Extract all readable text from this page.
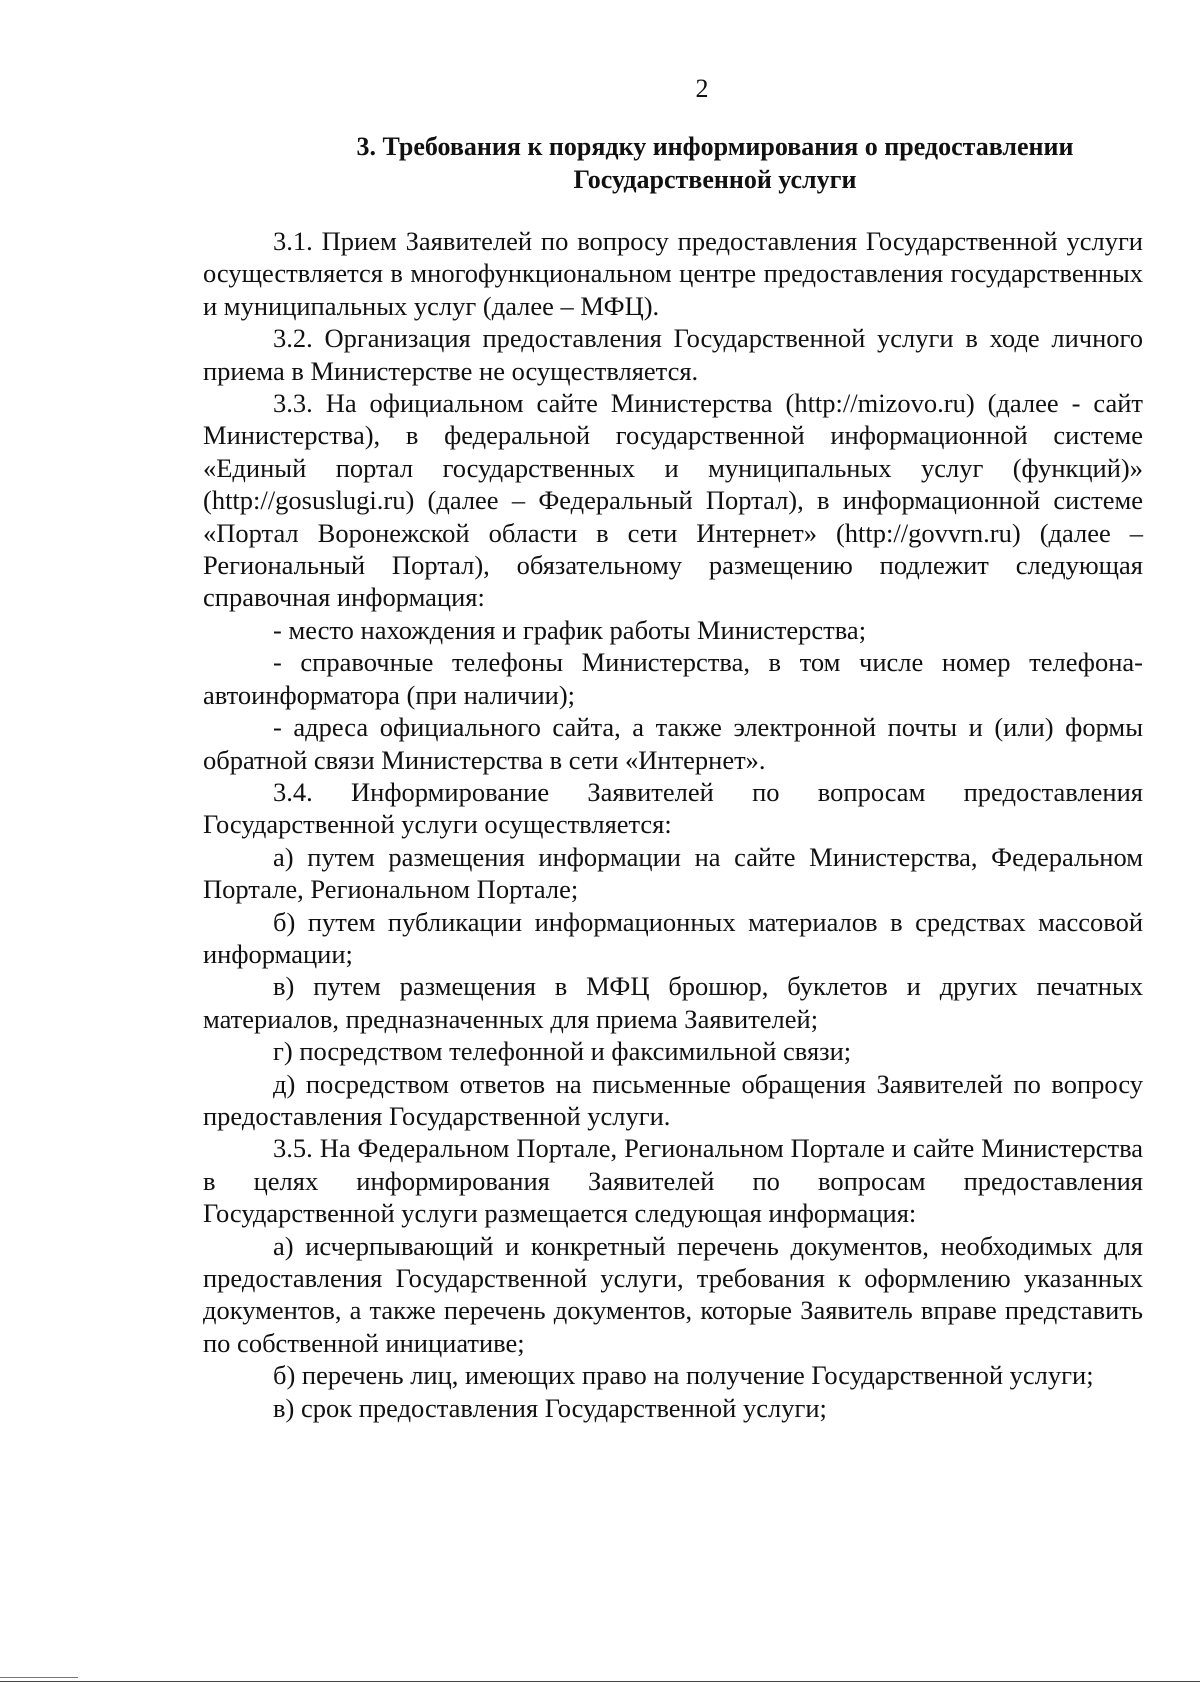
2
3. Требования к порядку информирования о предоставлении
Государственной услуги

3.1. Прием Заявителей по вопросу предоставления Государственной услуги осуществляется в многофункциональном центре предоставления государственных и муниципальных услуг (далее – МФЦ).

3.2. Организация предоставления Государственной услуги в ходе личного приема в Министерстве не осуществляется.

3.3. На официальном сайте Министерства (http://mizovo.ru) (далее - сайт Министерства), в федеральной государственной информационной системе «Единый портал государственных и муниципальных услуг (функций)» (http://gosuslugi.ru) (далее – Федеральный Портал), в информационной системе «Портал Воронежской области в сети Интернет» (http://govvrn.ru) (далее – Региональный Портал), обязательному размещению подлежит следующая справочная информация:

- место нахождения и график работы Министерства;

- справочные телефоны Министерства, в том числе номер телефона-автоинформатора (при наличии);

- адреса официального сайта, а также электронной почты и (или) формы обратной связи Министерства в сети «Интернет».

3.4. Информирование Заявителей по вопросам предоставления Государственной услуги осуществляется:

а) путем размещения информации на сайте Министерства, Федеральном Портале, Региональном Портале;

б) путем публикации информационных материалов в средствах массовой информации;

в) путем размещения в МФЦ брошюр, буклетов и других печатных материалов, предназначенных для приема Заявителей;

г) посредством телефонной и факсимильной связи;

д) посредством ответов на письменные обращения Заявителей по вопросу предоставления Государственной услуги.

3.5. На Федеральном Портале, Региональном Портале и сайте Министерства в целях информирования Заявителей по вопросам предоставления Государственной услуги размещается следующая информация:

а) исчерпывающий и конкретный перечень документов, необходимых для предоставления Государственной услуги, требования к оформлению указанных документов, а также перечень документов, которые Заявитель вправе представить по собственной инициативе;

б) перечень лиц, имеющих право на получение Государственной услуги;

в) срок предоставления Государственной услуги;
